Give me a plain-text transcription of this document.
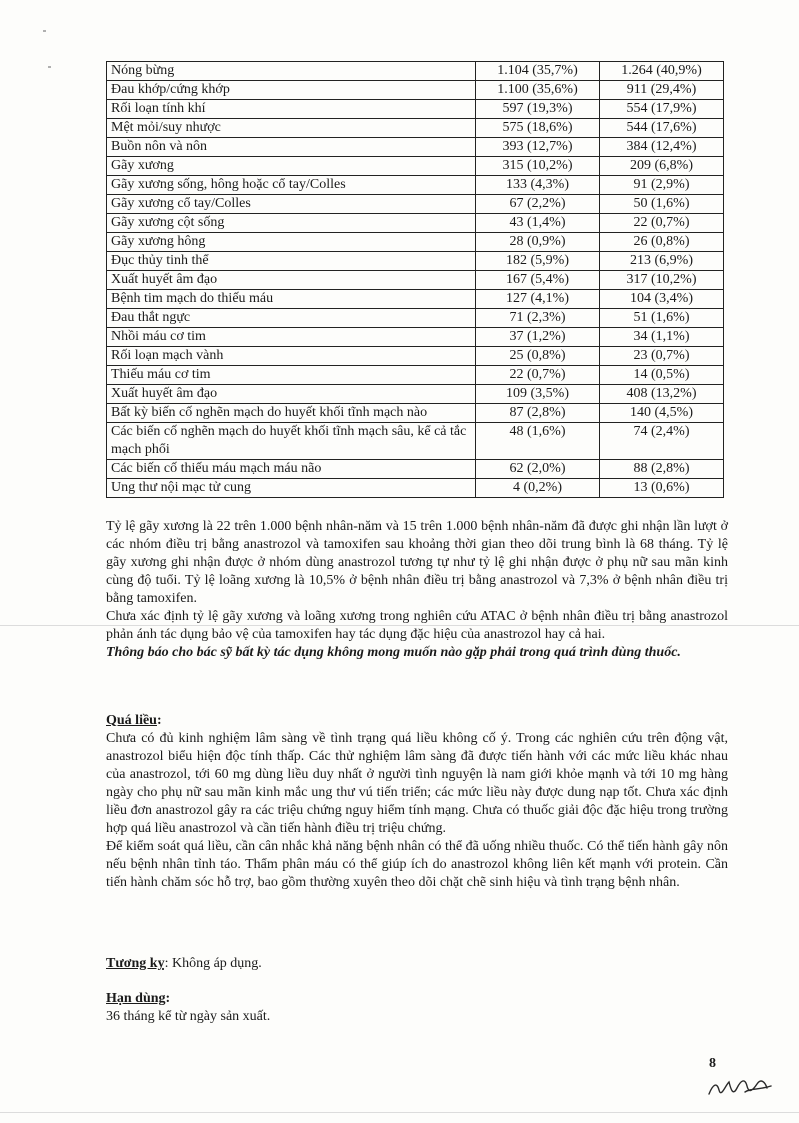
Nóng bừng	1.104 (35,7%)	1.264 (40,9%)
Đau khớp/cứng khớp	1.100 (35,6%)	911 (29,4%)
Rối loạn tính khí	597 (19,3%)	554 (17,9%)
Mệt mỏi/suy nhược	575 (18,6%)	544 (17,6%)
Buồn nôn và nôn	393 (12,7%)	384 (12,4%)
Gãy xương	315 (10,2%)	209 (6,8%)
Gãy xương sống, hông hoặc cổ tay/Colles	133 (4,3%)	91 (2,9%)
Gãy xương cổ tay/Colles	67 (2,2%)	50 (1,6%)
Gãy xương cột sống	43 (1,4%)	22 (0,7%)
Gãy xương hông	28 (0,9%)	26 (0,8%)
Đục thủy tinh thể	182 (5,9%)	213 (6,9%)
Xuất huyết âm đạo	167 (5,4%)	317 (10,2%)
Bệnh tim mạch do thiếu máu	127 (4,1%)	104 (3,4%)
Đau thắt ngực	71 (2,3%)	51 (1,6%)
Nhồi máu cơ tim	37 (1,2%)	34 (1,1%)
Rối loạn mạch vành	25 (0,8%)	23 (0,7%)
Thiếu máu cơ tim	22 (0,7%)	14 (0,5%)
Xuất huyết âm đạo	109 (3,5%)	408 (13,2%)
Bất kỳ biến cố nghẽn mạch do huyết khối tĩnh mạch nào	87 (2,8%)	140 (4,5%)
Các biến cố nghẽn mạch do huyết khối tĩnh mạch sâu, kể cả tắc mạch phổi	48 (1,6%)	74 (2,4%)
Các biến cố thiếu máu mạch máu não	62 (2,0%)	88 (2,8%)
Ung thư nội mạc tử cung	4 (0,2%)	13 (0,6%)

Tỷ lệ gãy xương là 22 trên 1.000 bệnh nhân-năm và 15 trên 1.000 bệnh nhân-năm đã được ghi nhận lần lượt ở các nhóm điều trị bằng anastrozol và tamoxifen sau khoảng thời gian theo dõi trung bình là 68 tháng. Tỷ lệ gãy xương ghi nhận được ở nhóm dùng anastrozol tương tự như tỷ lệ ghi nhận được ở phụ nữ sau mãn kinh cùng độ tuổi. Tỷ lệ loãng xương là 10,5% ở bệnh nhân điều trị bằng anastrozol và 7,3% ở bệnh nhân điều trị bằng tamoxifen.

Chưa xác định tỷ lệ gãy xương và loãng xương trong nghiên cứu ATAC ở bệnh nhân điều trị bằng anastrozol phản ánh tác dụng bảo vệ của tamoxifen hay tác dụng đặc hiệu của anastrozol hay cả hai.

Thông báo cho bác sỹ bất kỳ tác dụng không mong muốn nào gặp phải trong quá trình dùng thuốc.

Quá liều:

Chưa có đủ kinh nghiệm lâm sàng về tình trạng quá liều không cố ý. Trong các nghiên cứu trên động vật, anastrozol biểu hiện độc tính thấp. Các thử nghiệm lâm sàng đã được tiến hành với các mức liều khác nhau của anastrozol, tới 60 mg dùng liều duy nhất ở người tình nguyện là nam giới khỏe mạnh và tới 10 mg hàng ngày cho phụ nữ sau mãn kinh mắc ung thư vú tiến triển; các mức liều này được dung nạp tốt. Chưa xác định liều đơn anastrozol gây ra các triệu chứng nguy hiểm tính mạng. Chưa có thuốc giải độc đặc hiệu trong trường hợp quá liều anastrozol và cần tiến hành điều trị triệu chứng.

Để kiểm soát quá liều, cần cân nhắc khả năng bệnh nhân có thể đã uống nhiều thuốc. Có thể tiến hành gây nôn nếu bệnh nhân tỉnh táo. Thẩm phân máu có thể giúp ích do anastrozol không liên kết mạnh với protein. Cần tiến hành chăm sóc hỗ trợ, bao gồm thường xuyên theo dõi chặt chẽ sinh hiệu và tình trạng bệnh nhân.

Tương kỵ: Không áp dụng.

Hạn dùng:

36 tháng kể từ ngày sản xuất.

8
